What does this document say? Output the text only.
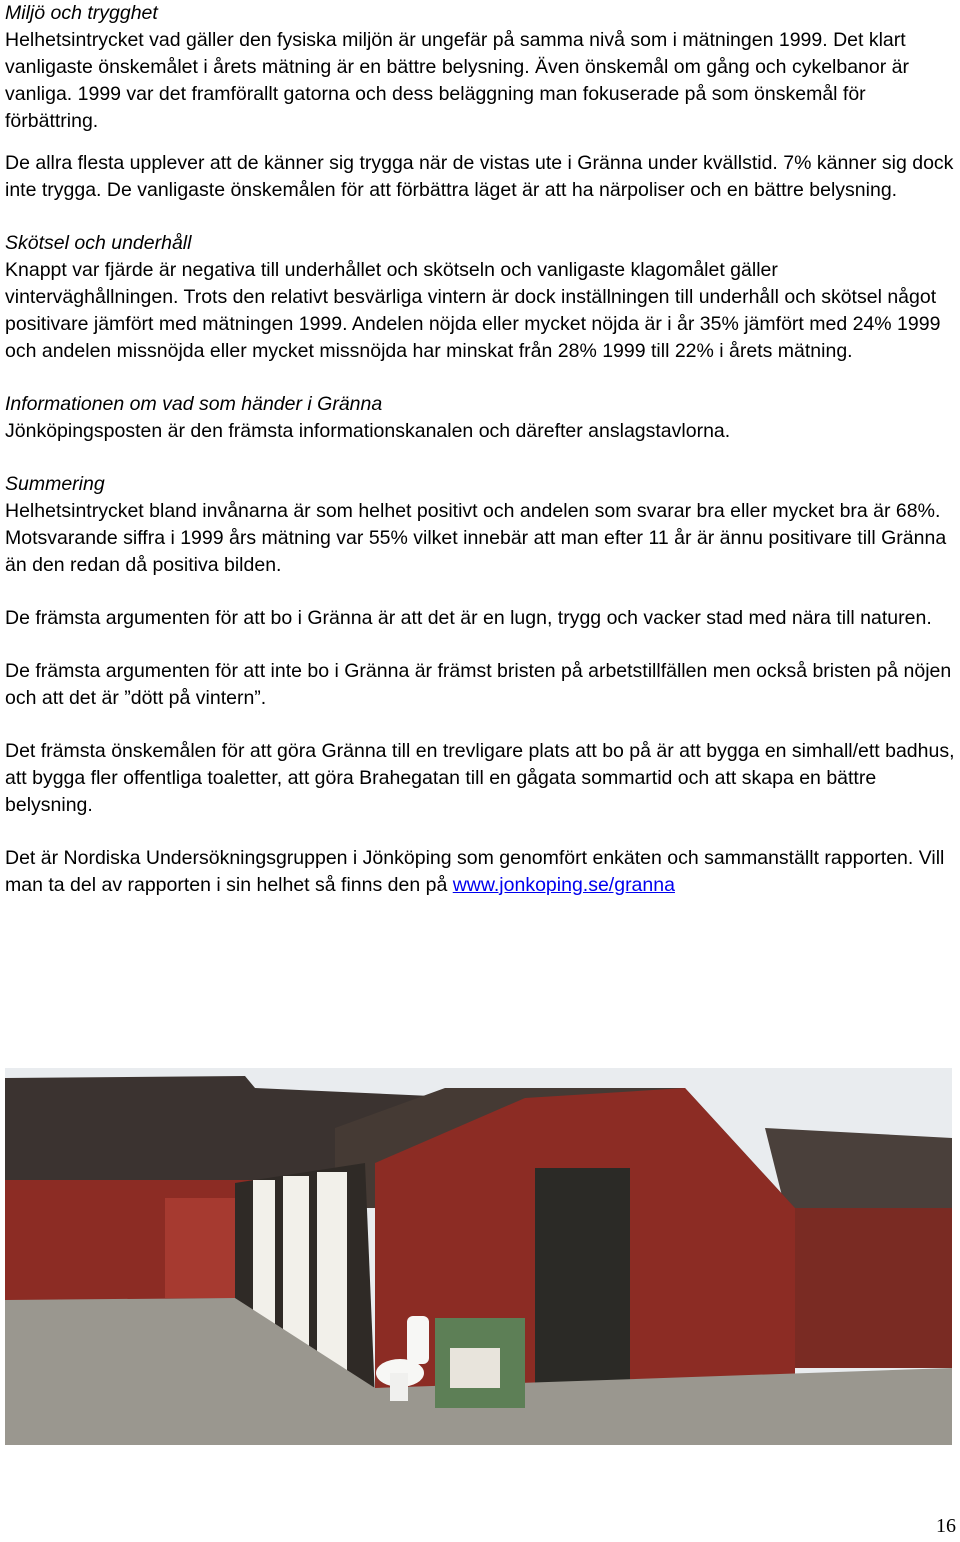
Miljö och trygghet
Helhetsintrycket vad gäller den fysiska miljön är ungefär på samma nivå som i mätningen 1999. Det klart vanligaste önskemålet i årets mätning är en bättre belysning. Även önskemål om gång och cykelbanor är vanliga. 1999 var det framförallt gatorna och dess beläggning man fokuserade på som önskemål för förbättring.

De allra flesta upplever att de känner sig trygga när de vistas ute i Gränna under kvällstid. 7% känner sig dock inte trygga. De vanligaste önskemålen för att förbättra läget är att ha närpoliser och en bättre belysning.

Skötsel och underhåll
Knappt var fjärde är negativa till underhållet och skötseln och vanligaste klagomålet gäller vinterväghållningen. Trots den relativt besvärliga vintern är dock inställningen till underhåll och skötsel något positivare jämfört med mätningen 1999. Andelen nöjda eller mycket nöjda är i år 35% jämfört med 24% 1999 och andelen missnöjda eller mycket missnöjda har minskat från 28% 1999 till 22% i årets mätning.

Informationen om vad som händer i Gränna
Jönköpingsposten är den främsta informationskanalen och därefter anslagstavlorna.

Summering
Helhetsintrycket bland invånarna är som helhet positivt och andelen som svarar bra eller mycket bra är 68%. Motsvarande siffra i 1999 års mätning var 55% vilket innebär att man efter 11 år är ännu positivare till Gränna än den redan då positiva bilden.

De främsta argumenten för att bo i Gränna är att det är en lugn, trygg och vacker stad med nära till naturen.

De främsta argumenten för att inte bo i Gränna är främst bristen på arbetstillfällen men också bristen på nöjen och att det är ”dött på vintern”.

Det främsta önskemålen för att göra Gränna till en trevligare plats att bo på är att bygga en simhall/ett badhus, att bygga fler offentliga toaletter, att göra Brahegatan till en gågata sommartid och att skapa en bättre belysning.

Det är Nordiska Undersökningsgruppen i Jönköping som genomfört enkäten och sammanställt rapporten. Vill man ta del av rapporten i sin helhet så finns den på www.jonkoping.se/granna

16
